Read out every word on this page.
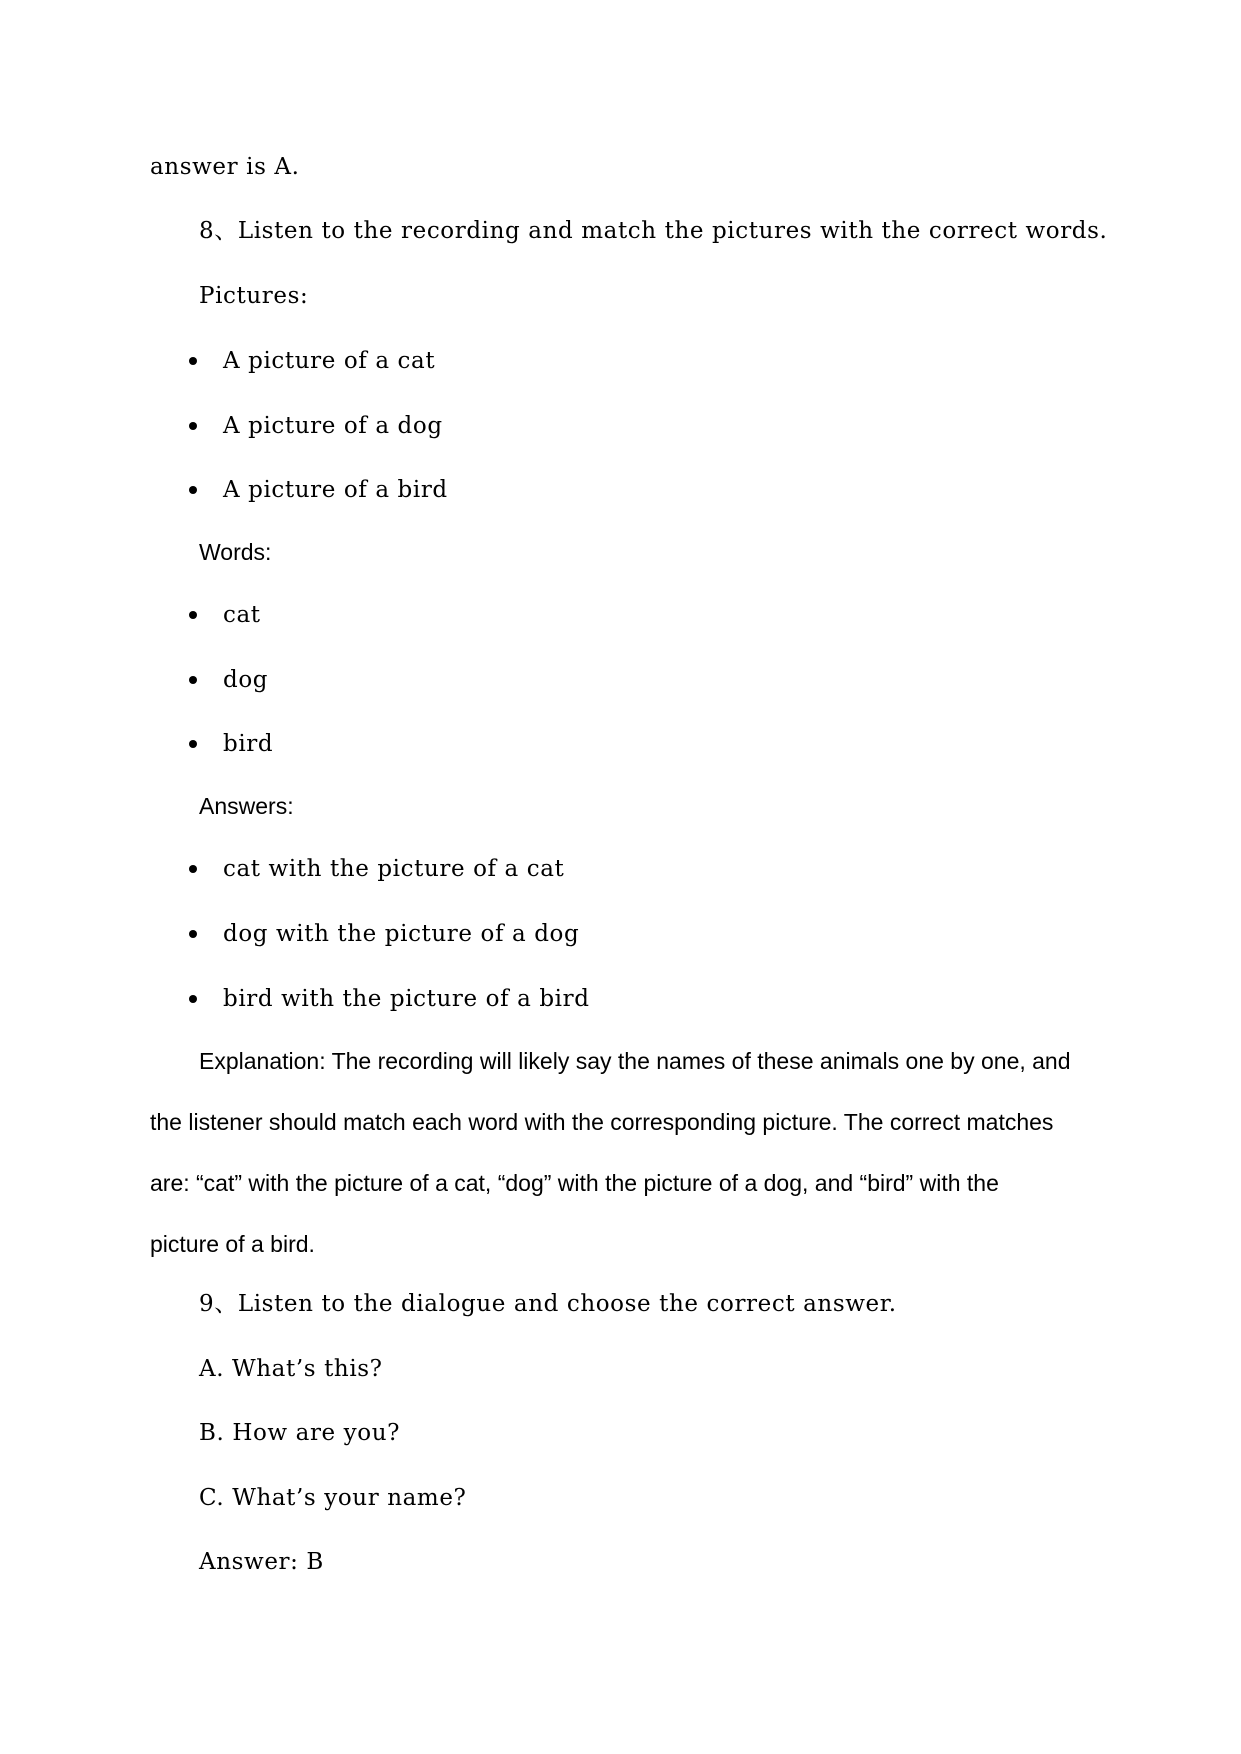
answer is A.
8、Listen to the recording and match the pictures with the correct words.
Pictures:
A picture of a cat
A picture of a dog
A picture of a bird
Words:
cat
dog
bird
Answers:
cat with the picture of a cat
dog with the picture of a dog
bird with the picture of a bird
Explanation: The recording will likely say the names of these animals one by one, and
the listener should match each word with the corresponding picture. The correct matches
are: “cat” with the picture of a cat, “dog” with the picture of a dog, and “bird” with the
picture of a bird.
9、Listen to the dialogue and choose the correct answer.
A. What’s this?
B. How are you?
C. What’s your name?
Answer: B
